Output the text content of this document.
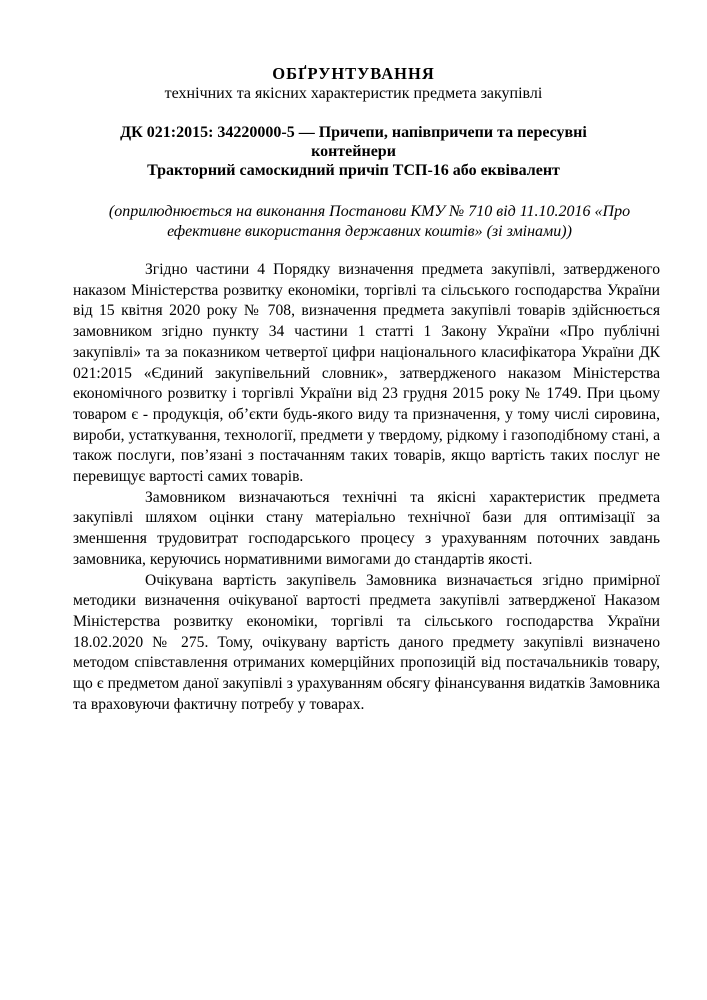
ОБҐРУНТУВАННЯ
технічних та якісних характеристик предмета закупівлі
ДК 021:2015: 34220000-5 — Причепи, напівпричепи та пересувні контейнери
Тракторний самоскидний причіп ТСП-16 або еквівалент
(оприлюднюється на виконання Постанови КМУ № 710 від 11.10.2016 «Про ефективне використання державних коштів» (зі змінами))

Згідно частини 4 Порядку визначення предмета закупівлі, затвердженого наказом Міністерства розвитку економіки, торгівлі та сільського господарства України від 15 квітня 2020 року № 708, визначення предмета закупівлі товарів здійснюється замовником згідно пункту 34 частини 1 статті 1 Закону України «Про публічні закупівлі» та за показником четвертої цифри національного класифікатора України ДК 021:2015 «Єдиний закупівельний словник», затвердженого наказом Міністерства економічного розвитку і торгівлі України від 23 грудня 2015 року № 1749. При цьому товаром є - продукція, об’єкти будь-якого виду та призначення, у тому числі сировина, вироби, устаткування, технології, предмети у твердому, рідкому і газоподібному стані, а також послуги, пов’язані з постачанням таких товарів, якщо вартість таких послуг не перевищує вартості самих товарів.

Замовником визначаються технічні та якісні характеристик предмета закупівлі шляхом оцінки стану матеріально технічної бази для оптимізації за зменшення трудовитрат господарського процесу з урахуванням поточних завдань замовника, керуючись нормативними вимогами до стандартів якості.

Очікувана вартість закупівель Замовника визначається згідно примірної методики визначення очікуваної вартості предмета закупівлі затвердженої Наказом Міністерства розвитку економіки, торгівлі та сільського господарства України 18.02.2020 № 275. Тому, очікувану вартість даного предмету закупівлі визначено методом співставлення отриманих комерційних пропозицій від постачальників товару, що є предметом даної закупівлі з урахуванням обсягу фінансування видатків Замовника та враховуючи фактичну потребу у товарах.
